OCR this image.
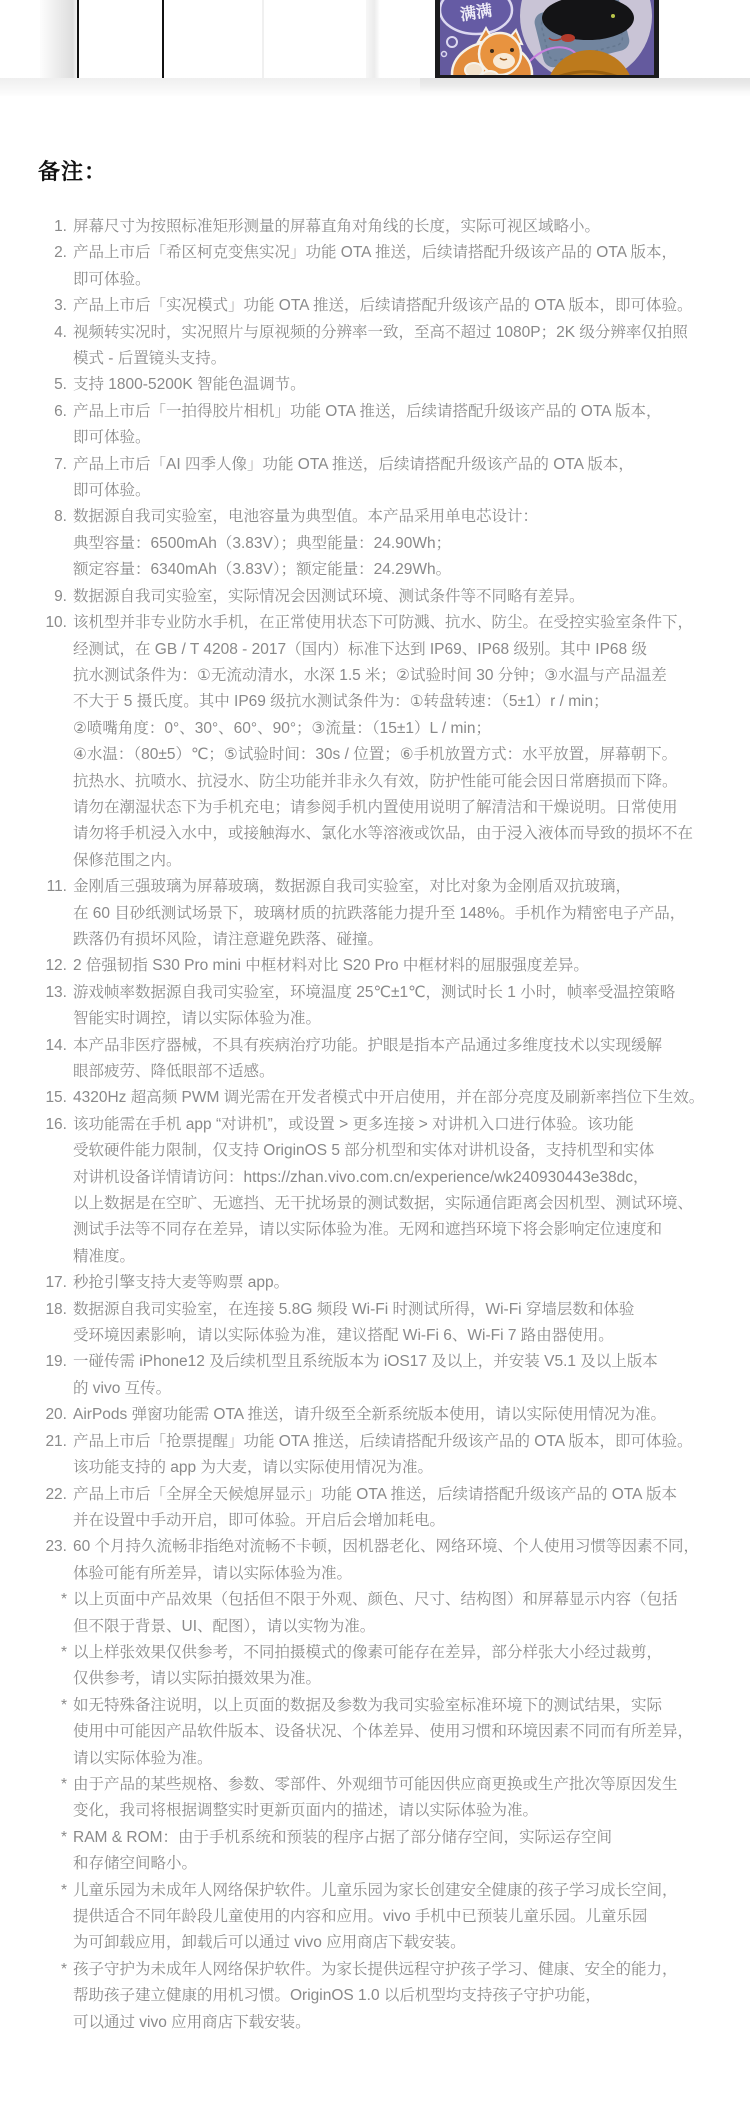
满满
备注：
1. 屏幕尺寸为按照标准矩形测量的屏幕直角对角线的长度，实际可视区域略小。
2. 产品上市后「希区柯克变焦实况」功能 OTA 推送，后续请搭配升级该产品的 OTA 版本，
即可体验。
3. 产品上市后「实况模式」功能 OTA 推送，后续请搭配升级该产品的 OTA 版本，即可体验。
4. 视频转实况时，实况照片与原视频的分辨率一致，至高不超过 1080P；2K 级分辨率仅拍照
模式 - 后置镜头支持。
5. 支持 1800-5200K 智能色温调节。
6. 产品上市后「一拍得胶片相机」功能 OTA 推送，后续请搭配升级该产品的 OTA 版本，
即可体验。
7. 产品上市后「AI 四季人像」功能 OTA 推送，后续请搭配升级该产品的 OTA 版本，
即可体验。
8. 数据源自我司实验室，电池容量为典型值。本产品采用单电芯设计：
典型容量：6500mAh（3.83V）；典型能量：24.90Wh；
额定容量：6340mAh（3.83V）；额定能量：24.29Wh。
9. 数据源自我司实验室，实际情况会因测试环境、测试条件等不同略有差异。
10. 该机型并非专业防水手机，在正常使用状态下可防溅、抗水、防尘。在受控实验室条件下，
经测试，在 GB / T 4208 - 2017（国内）标准下达到 IP69、IP68 级别。其中 IP68 级
抗水测试条件为：①无流动清水，水深 1.5 米；②试验时间 30 分钟；③水温与产品温差
不大于 5 摄氏度。其中 IP69 级抗水测试条件为：①转盘转速：（5±1）r / min；
②喷嘴角度：0°、30°、60°、90°；③流量：（15±1）L / min；
④水温：（80±5）℃；⑤试验时间：30s / 位置；⑥手机放置方式：水平放置，屏幕朝下。
抗热水、抗喷水、抗浸水、防尘功能并非永久有效，防护性能可能会因日常磨损而下降。
请勿在潮湿状态下为手机充电；请参阅手机内置使用说明了解清洁和干燥说明。日常使用
请勿将手机浸入水中，或接触海水、氯化水等溶液或饮品，由于浸入液体而导致的损坏不在
保修范围之内。
11. 金刚盾三强玻璃为屏幕玻璃，数据源自我司实验室，对比对象为金刚盾双抗玻璃，
在 60 目砂纸测试场景下，玻璃材质的抗跌落能力提升至 148%。手机作为精密电子产品，
跌落仍有损坏风险，请注意避免跌落、碰撞。
12. 2 倍强韧指 S30 Pro mini 中框材料对比 S20 Pro 中框材料的屈服强度差异。
13. 游戏帧率数据源自我司实验室，环境温度 25℃±1℃，测试时长 1 小时，帧率受温控策略
智能实时调控，请以实际体验为准。
14. 本产品非医疗器械，不具有疾病治疗功能。护眼是指本产品通过多维度技术以实现缓解
眼部疲劳、降低眼部不适感。
15. 4320Hz 超高频 PWM 调光需在开发者模式中开启使用，并在部分亮度及刷新率挡位下生效。
16. 该功能需在手机 app “对讲机”，或设置 > 更多连接 > 对讲机入口进行体验。该功能
受软硬件能力限制，仅支持 OriginOS 5 部分机型和实体对讲机设备，支持机型和实体
对讲机设备详情请访问：https://zhan.vivo.com.cn/experience/wk240930443e38dc，
以上数据是在空旷、无遮挡、无干扰场景的测试数据，实际通信距离会因机型、测试环境、
测试手法等不同存在差异，请以实际体验为准。无网和遮挡环境下将会影响定位速度和
精准度。
17. 秒抢引擎支持大麦等购票 app。
18. 数据源自我司实验室，在连接 5.8G 频段 Wi-Fi 时测试所得，Wi-Fi 穿墙层数和体验
受环境因素影响，请以实际体验为准，建议搭配 Wi-Fi 6、Wi-Fi 7 路由器使用。
19. 一碰传需 iPhone12 及后续机型且系统版本为 iOS17 及以上，并安装 V5.1 及以上版本
的 vivo 互传。
20. AirPods 弹窗功能需 OTA 推送，请升级至全新系统版本使用，请以实际使用情况为准。
21. 产品上市后「抢票提醒」功能 OTA 推送，后续请搭配升级该产品的 OTA 版本，即可体验。
该功能支持的 app 为大麦，请以实际使用情况为准。
22. 产品上市后「全屏全天候熄屏显示」功能 OTA 推送，后续请搭配升级该产品的 OTA 版本
并在设置中手动开启，即可体验。开启后会增加耗电。
23. 60 个月持久流畅非指绝对流畅不卡顿，因机器老化、网络环境、个人使用习惯等因素不同，
体验可能有所差异，请以实际体验为准。
* 以上页面中产品效果（包括但不限于外观、颜色、尺寸、结构图）和屏幕显示内容（包括
但不限于背景、UI、配图），请以实物为准。
* 以上样张效果仅供参考，不同拍摄模式的像素可能存在差异，部分样张大小经过裁剪，
仅供参考，请以实际拍摄效果为准。
* 如无特殊备注说明，以上页面的数据及参数为我司实验室标准环境下的测试结果，实际
使用中可能因产品软件版本、设备状况、个体差异、使用习惯和环境因素不同而有所差异，
请以实际体验为准。
* 由于产品的某些规格、参数、零部件、外观细节可能因供应商更换或生产批次等原因发生
变化，我司将根据调整实时更新页面内的描述，请以实际体验为准。
* RAM & ROM：由于手机系统和预装的程序占据了部分储存空间，实际运存空间
和存储空间略小。
* 儿童乐园为未成年人网络保护软件。儿童乐园为家长创建安全健康的孩子学习成长空间，
提供适合不同年龄段儿童使用的内容和应用。vivo 手机中已预装儿童乐园。儿童乐园
为可卸载应用，卸载后可以通过 vivo 应用商店下载安装。
* 孩子守护为未成年人网络保护软件。为家长提供远程守护孩子学习、健康、安全的能力，
帮助孩子建立健康的用机习惯。OriginOS 1.0 以后机型均支持孩子守护功能，
可以通过 vivo 应用商店下载安装。
